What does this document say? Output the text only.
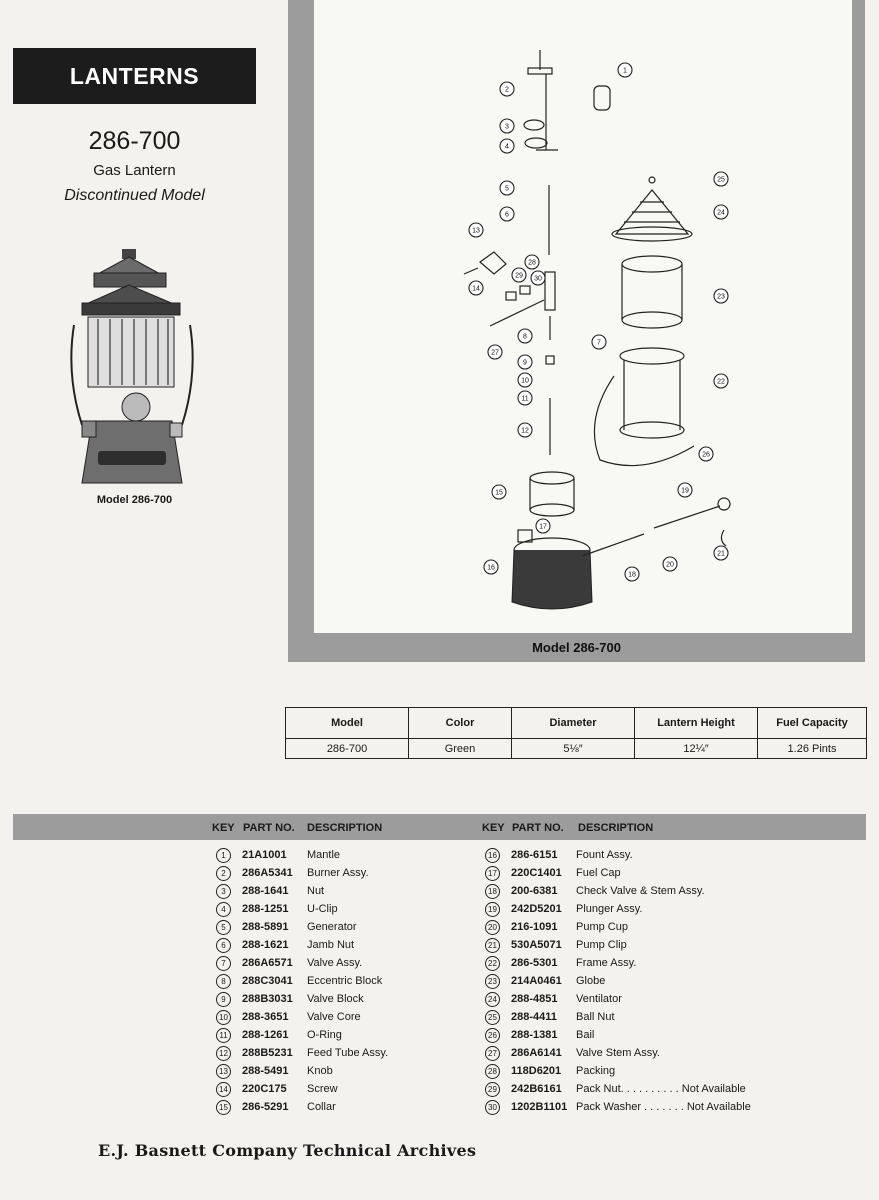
LANTERNS
286-700
Gas Lantern
Discontinued Model
Model 286-700
1
2
3
4
5
6
7
8
9
10
11
12
13
14
15
16
17
18
19
20
21
22
23
24
25
26
27
28
29 30
Model 286-700
Model	Color	Diameter	Lantern Height	Fuel Capacity
286-700	Green	5⅛″	12¼″	1.26 Pints
KEY PART NO. DESCRIPTION	KEY PART NO. DESCRIPTION
1	21A1001 Mantle
2	286A5341 Burner Assy.
3	288-1641 Nut
4	288-1251 U-Clip
5	288-5891 Generator
6	288-1621 Jamb Nut
7	286A6571 Valve Assy.
8	288C3041 Eccentric Block
9	288B3031 Valve Block
10 288-3651 Valve Core
11	288-1261 O-Ring
12 288B5231 Feed Tube Assy.
13 288-5491 Knob
14 220C175 Screw
15 286-5291 Collar
16 286-6151 Fount Assy.
17 220C1401 Fuel Cap
18 200-6381 Check Valve & Stem Assy.
19 242D5201 Plunger Assy.
20 216-1091 Pump Cup
21 530A5071 Pump Clip
22 286-5301 Frame Assy.
23 214A0461 Globe
24 288-4851 Ventilator
25 288-4411 Ball Nut
26 288-1381 Bail
27 286A6141 Valve Stem Assy.
28 118D6201 Packing
29 242B6161 Pack Nut. . . . . . . . . . Not Available
30 1202B1101 Pack Washer . . . . . . . Not Available
E.J. Basnett Company Technical Archives
